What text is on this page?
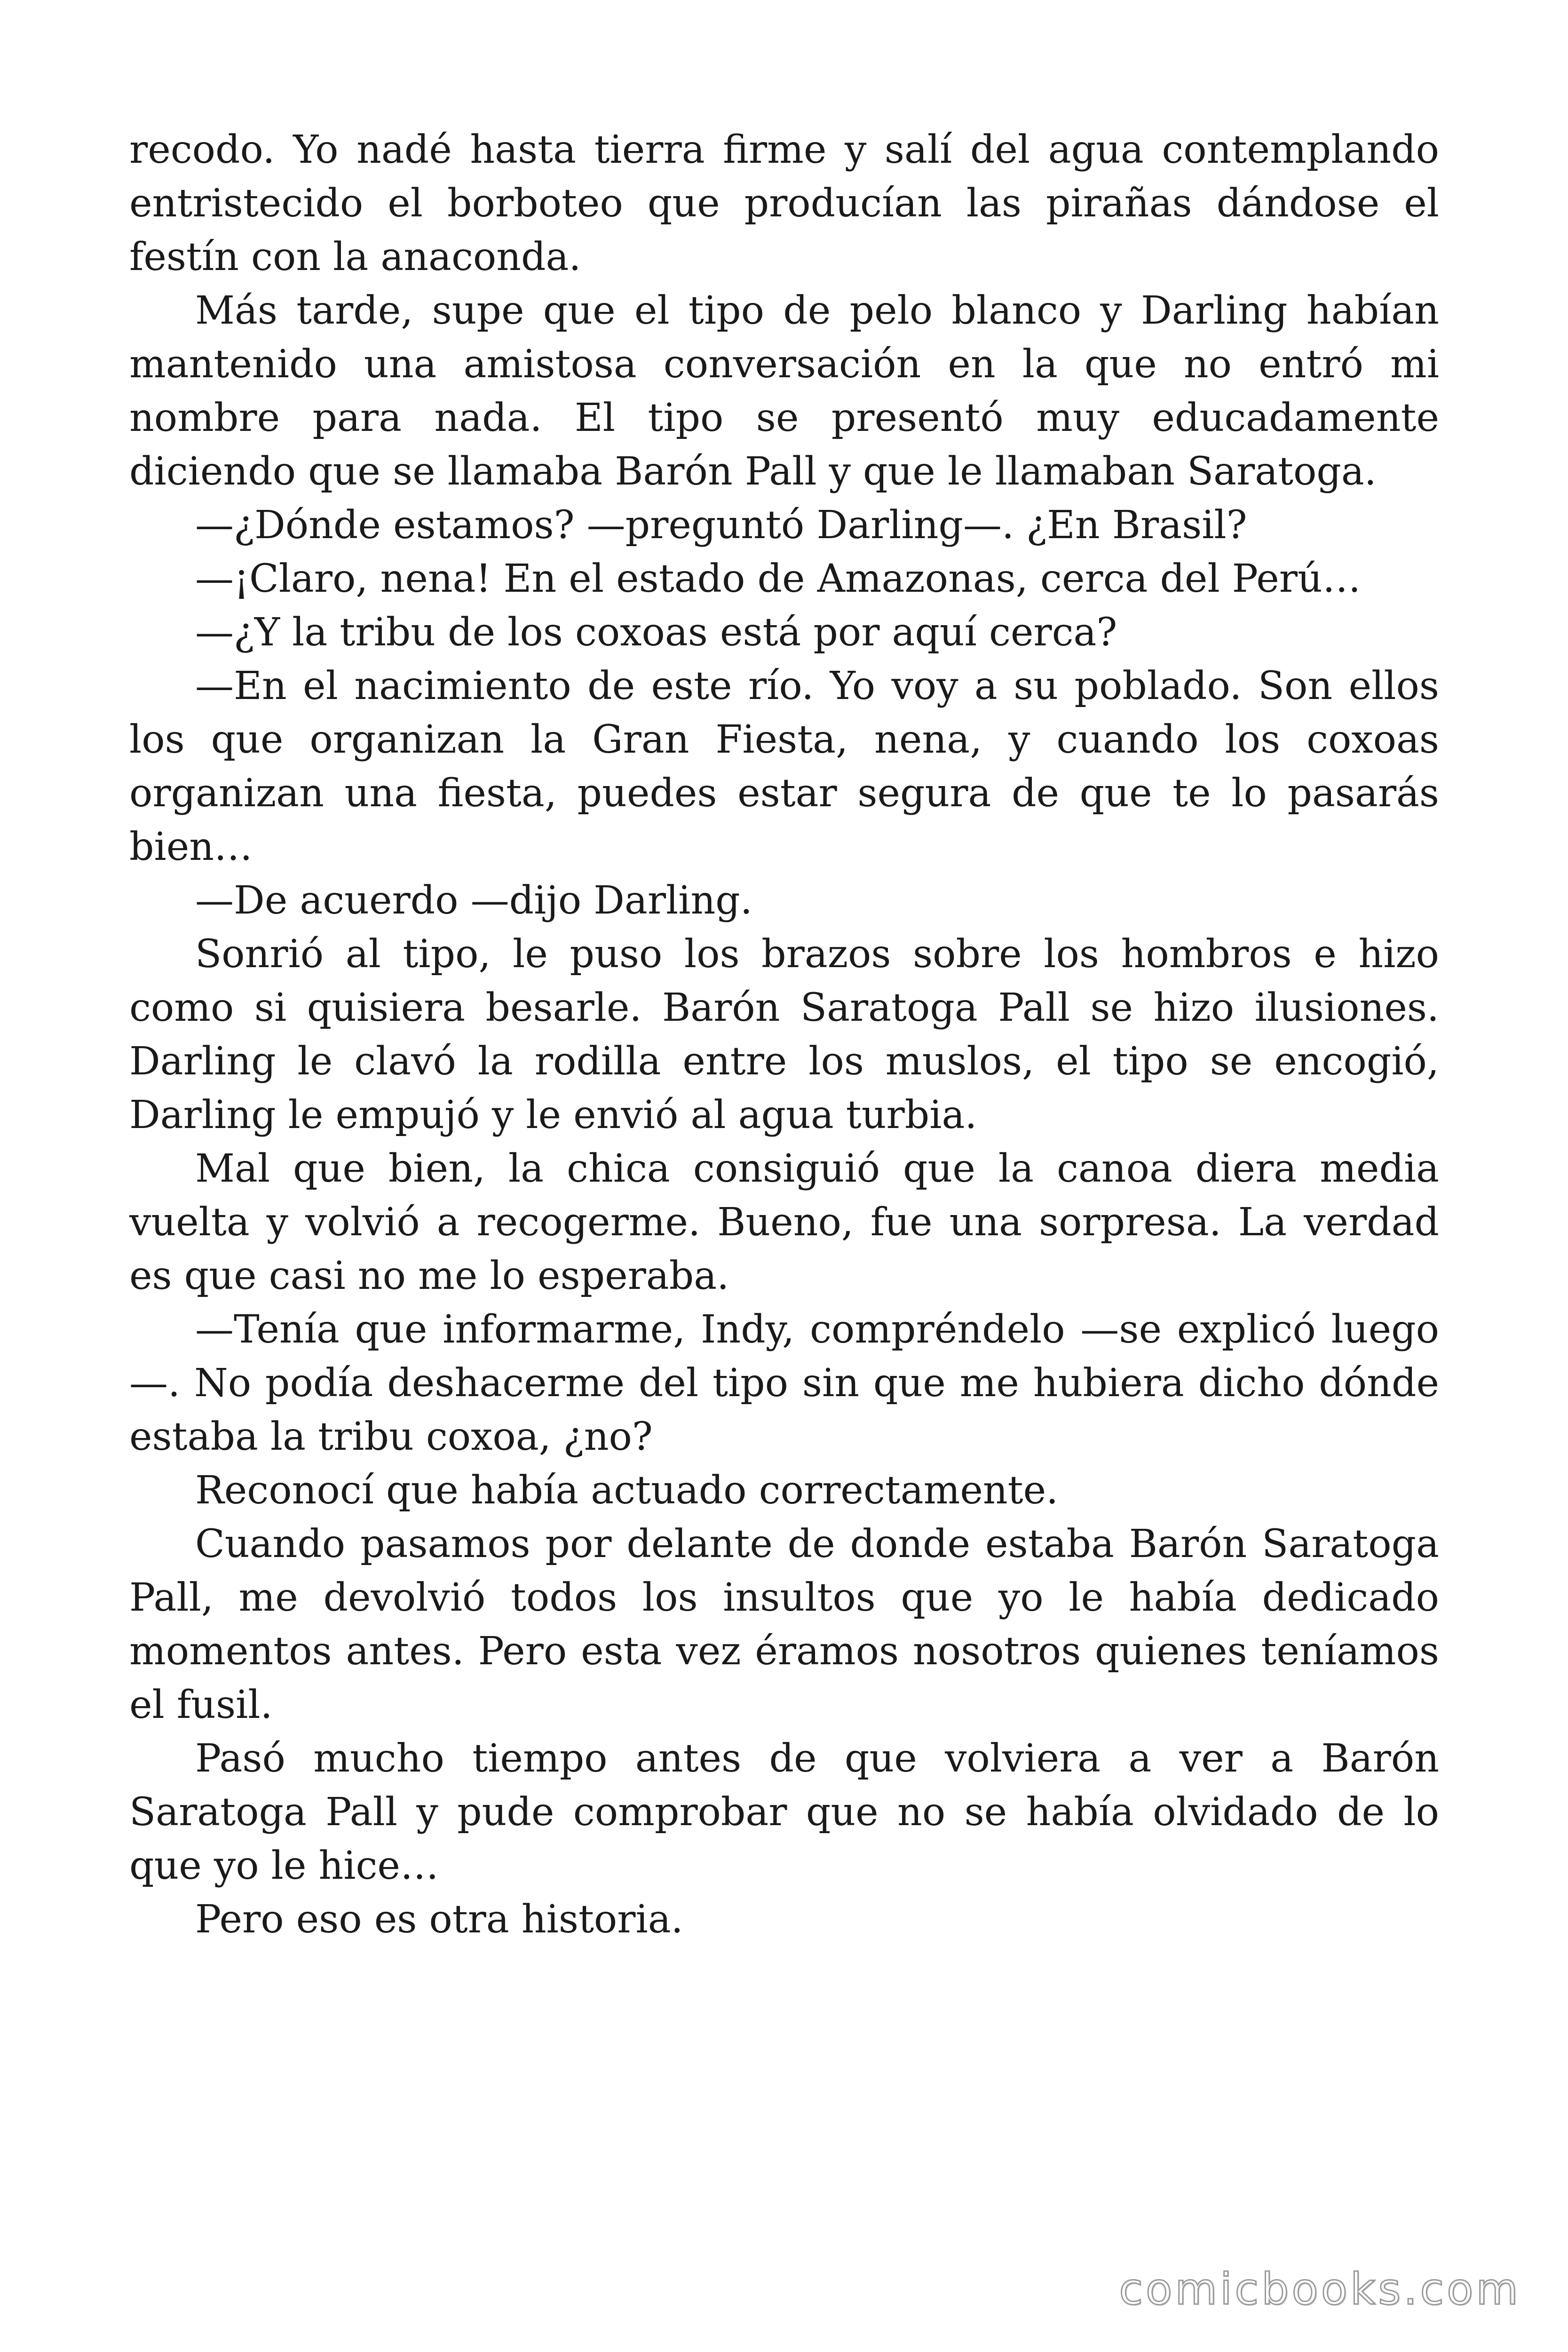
recodo. Yo nadé hasta tierra firme y salí del agua contemplando entristecido el borboteo que producían las pirañas dándose el festín con la anaconda.

Más tarde, supe que el tipo de pelo blanco y Darling habían mantenido una amistosa conversación en la que no entró mi nombre para nada. El tipo se presentó muy educadamente diciendo que se llamaba Barón Pall y que le llamaban Saratoga.

—¿Dónde estamos? —preguntó Darling—. ¿En Brasil?

—¡Claro, nena! En el estado de Amazonas, cerca del Perú…

—¿Y la tribu de los coxoas está por aquí cerca?

—En el nacimiento de este río. Yo voy a su poblado. Son ellos los que organizan la Gran Fiesta, nena, y cuando los coxoas organizan una fiesta, puedes estar segura de que te lo pasarás bien…

—De acuerdo —dijo Darling.

Sonrió al tipo, le puso los brazos sobre los hombros e hizo como si quisiera besarle. Barón Saratoga Pall se hizo ilusiones. Darling le clavó la rodilla entre los muslos, el tipo se encogió, Darling le empujó y le envió al agua turbia.

Mal que bien, la chica consiguió que la canoa diera media vuelta y volvió a recogerme. Bueno, fue una sorpresa. La verdad es que casi no me lo esperaba.

—Tenía que informarme, Indy, compréndelo —se explicó luego —. No podía deshacerme del tipo sin que me hubiera dicho dónde estaba la tribu coxoa, ¿no?

Reconocí que había actuado correctamente.

Cuando pasamos por delante de donde estaba Barón Saratoga Pall, me devolvió todos los insultos que yo le había dedicado momentos antes. Pero esta vez éramos nosotros quienes teníamos el fusil.

Pasó mucho tiempo antes de que volviera a ver a Barón Saratoga Pall y pude comprobar que no se había olvidado de lo que yo le hice…

Pero eso es otra historia.

comicbooks.com
